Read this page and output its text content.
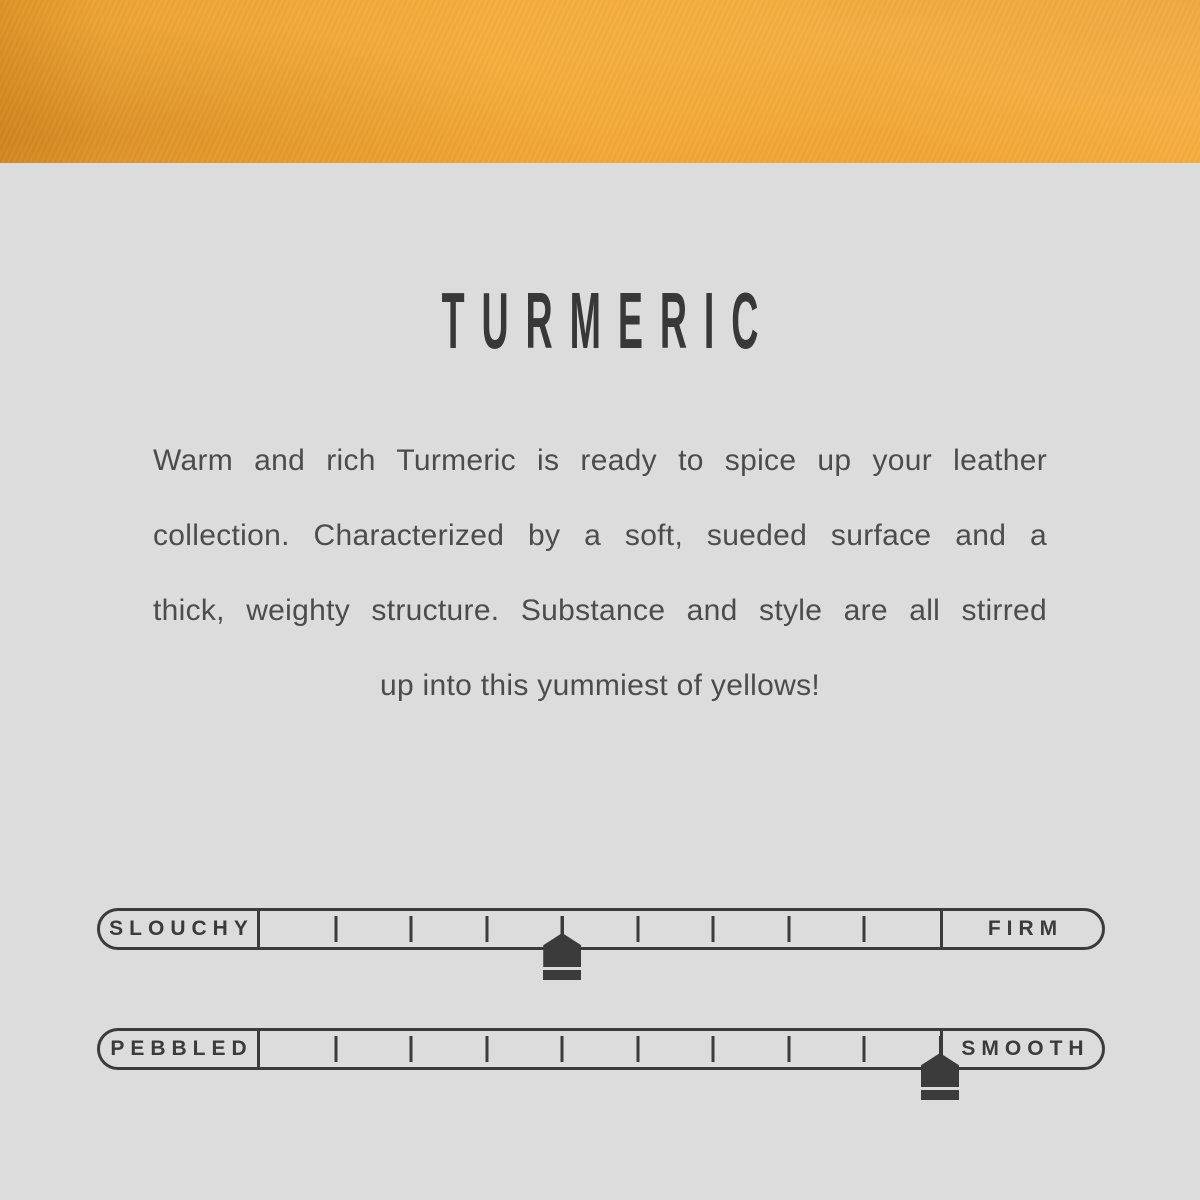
TURMERIC
Warm and rich Turmeric is ready to spice up your leather
collection. Characterized by a soft, sueded surface and a
thick, weighty structure. Substance and style are all stirred
up into this yummiest of yellows!
SLOUCHY	FIRM
PEBBLED	SMOOTH
